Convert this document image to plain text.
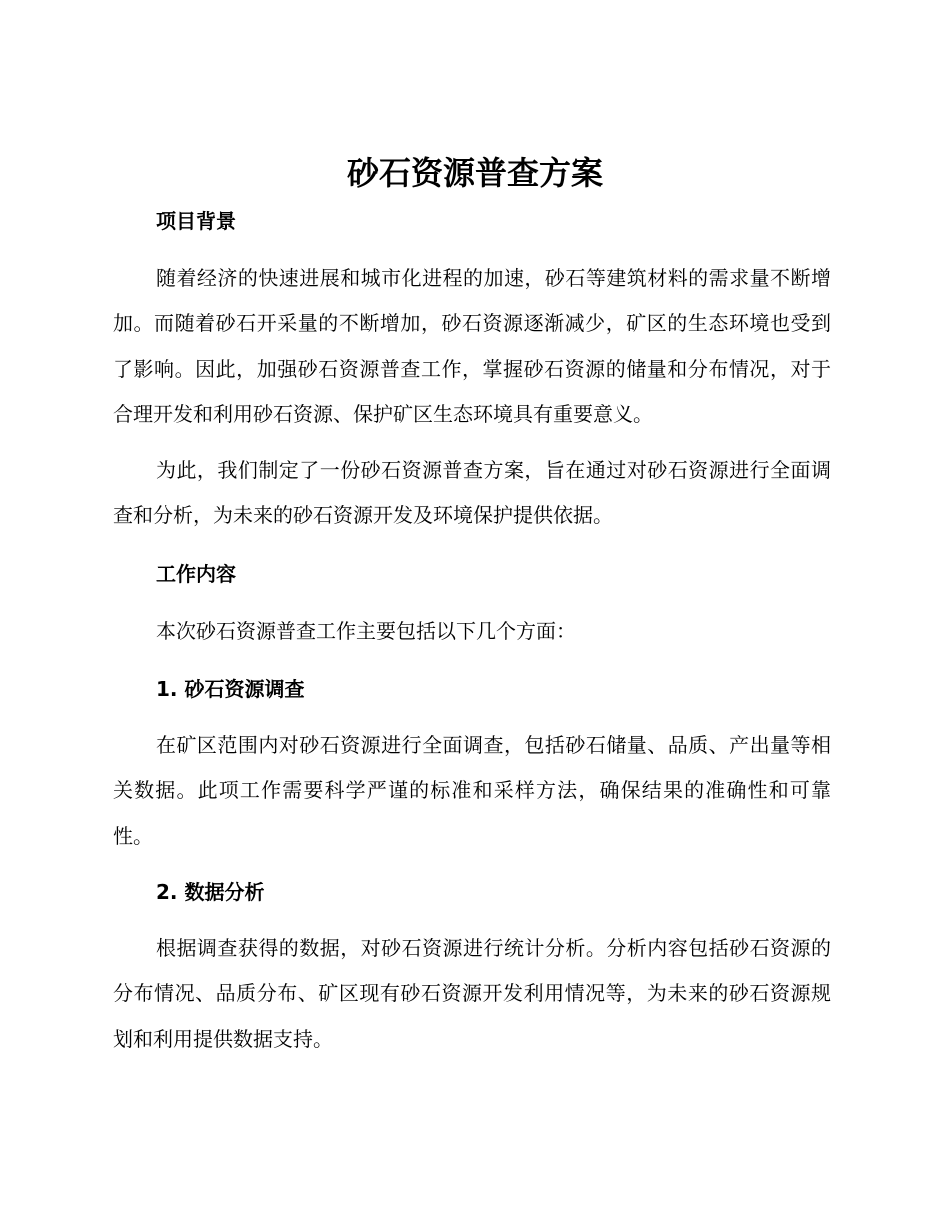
砂石资源普查方案
项目背景

随着经济的快速进展和城市化进程的加速，砂石等建筑材料的需求量不断增加。而随着砂石开采量的不断增加，砂石资源逐渐减少，矿区的生态环境也受到了影响。因此，加强砂石资源普查工作，掌握砂石资源的储量和分布情况，对于合理开发和利用砂石资源、保护矿区生态环境具有重要意义。

为此，我们制定了一份砂石资源普查方案，旨在通过对砂石资源进行全面调查和分析，为未来的砂石资源开发及环境保护提供依据。

工作内容

本次砂石资源普查工作主要包括以下几个方面：

1. 砂石资源调查

在矿区范围内对砂石资源进行全面调查，包括砂石储量、品质、产出量等相关数据。此项工作需要科学严谨的标准和采样方法，确保结果的准确性和可靠性。

2. 数据分析

根据调查获得的数据，对砂石资源进行统计分析。分析内容包括砂石资源的分布情况、品质分布、矿区现有砂石资源开发利用情况等，为未来的砂石资源规划和利用提供数据支持。
